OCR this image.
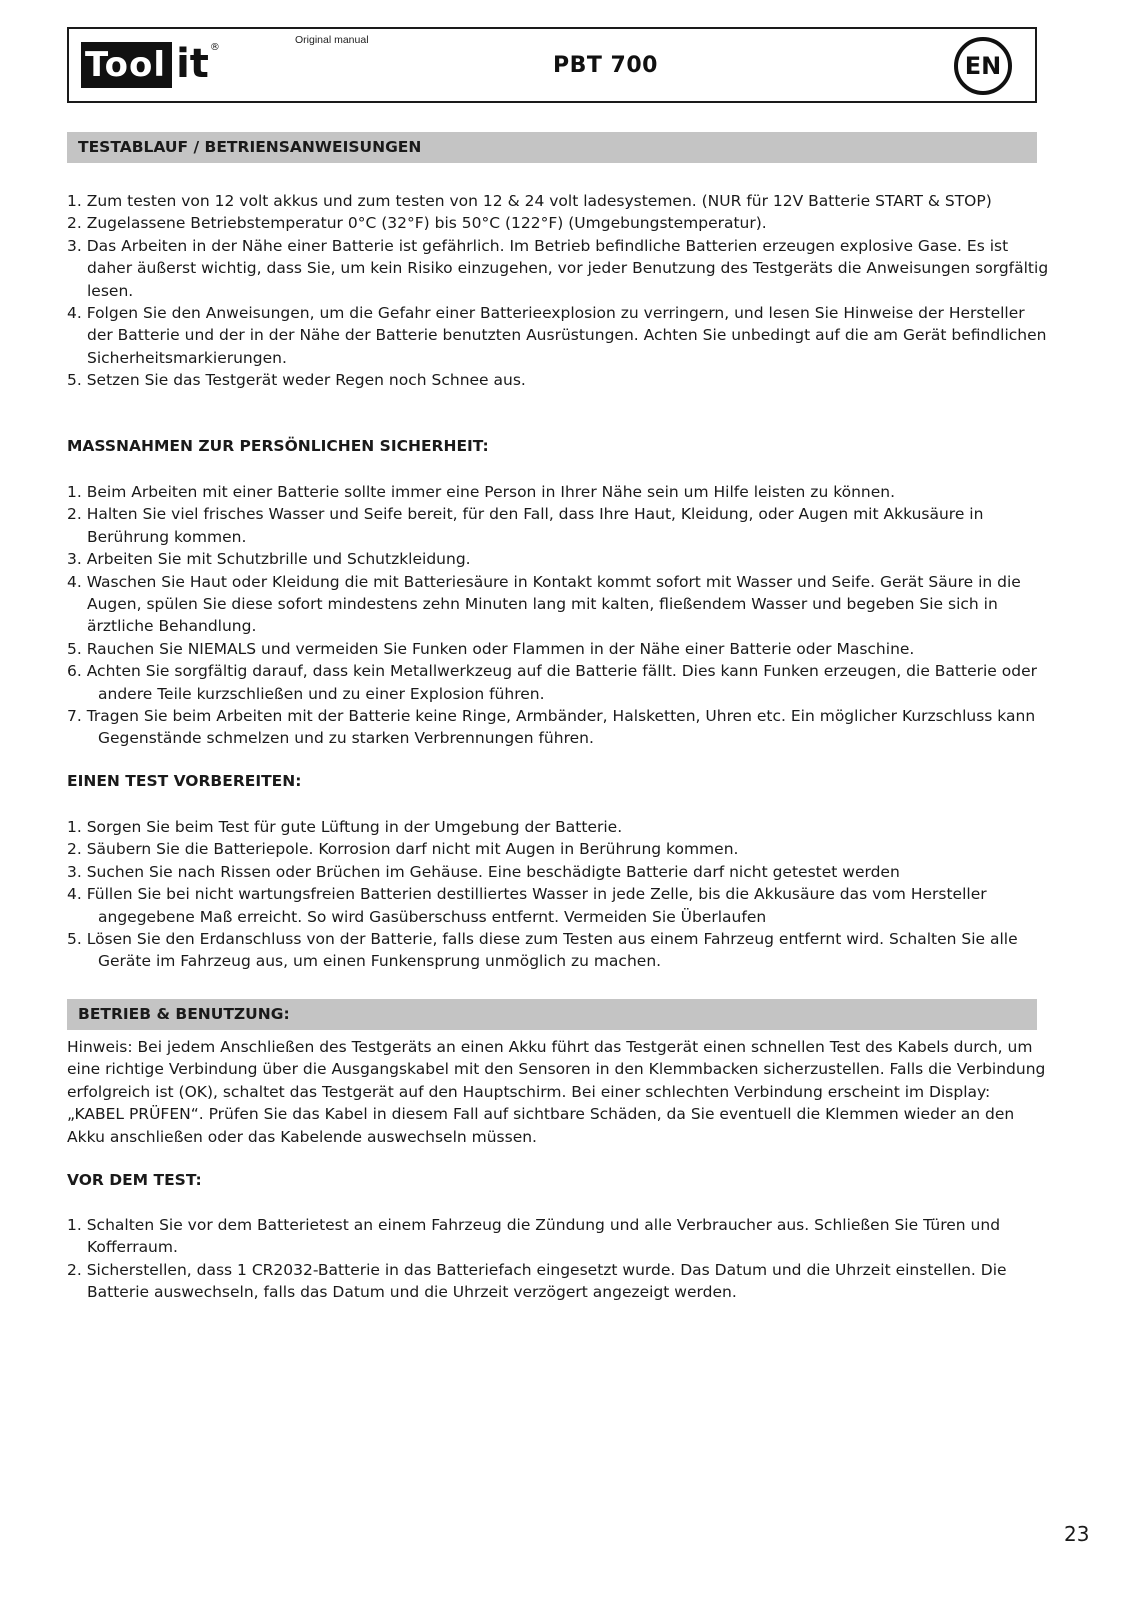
Tool it®
Original manual
PBT 700	EN
TESTABLAUF / BETRIENSANWEISUNGEN
1. Zum testen von 12 volt akkus und zum testen von 12 & 24 volt ladesystemen. (NUR für 12V Batterie START & STOP)
2. Zugelassene Betriebstemperatur 0°C (32°F) bis 50°C (122°F) (Umgebungstemperatur).
3. Das Arbeiten in der Nähe einer Batterie ist gefährlich. Im Betrieb befindliche Batterien erzeugen explosive Gase. Es ist daher äußerst wichtig, dass Sie, um kein Risiko einzugehen, vor jeder Benutzung des Testgeräts die Anweisungen sorgfältig lesen.
4. Folgen Sie den Anweisungen, um die Gefahr einer Batterieexplosion zu verringern, und lesen Sie Hinweise der Hersteller der Batterie und der in der Nähe der Batterie benutzten Ausrüstungen. Achten Sie unbedingt auf die am Gerät befindlichen Sicherheitsmarkierungen.
5. Setzen Sie das Testgerät weder Regen noch Schnee aus.
MASSNAHMEN ZUR PERSÖNLICHEN SICHERHEIT:
1. Beim Arbeiten mit einer Batterie sollte immer eine Person in Ihrer Nähe sein um Hilfe leisten zu können.
2. Halten Sie viel frisches Wasser und Seife bereit, für den Fall, dass Ihre Haut, Kleidung, oder Augen mit Akkusäure in Berührung kommen.
3. Arbeiten Sie mit Schutzbrille und Schutzkleidung.
4. Waschen Sie Haut oder Kleidung die mit Batteriesäure in Kontakt kommt sofort mit Wasser und Seife. Gerät Säure in die Augen, spülen Sie diese sofort mindestens zehn Minuten lang mit kalten, fließendem Wasser und begeben Sie sich in ärztliche Behandlung.
5. Rauchen Sie NIEMALS und vermeiden Sie Funken oder Flammen in der Nähe einer Batterie oder Maschine.
6. Achten Sie sorgfältig darauf, dass kein Metallwerkzeug auf die Batterie fällt. Dies kann Funken erzeugen, die Batterie oder andere Teile kurzschließen und zu einer Explosion führen.
7. Tragen Sie beim Arbeiten mit der Batterie keine Ringe, Armbänder, Halsketten, Uhren etc. Ein möglicher Kurzschluss kann Gegenstände schmelzen und zu starken Verbrennungen führen.
EINEN TEST VORBEREITEN:
1. Sorgen Sie beim Test für gute Lüftung in der Umgebung der Batterie.
2. Säubern Sie die Batteriepole. Korrosion darf nicht mit Augen in Berührung kommen.
3. Suchen Sie nach Rissen oder Brüchen im Gehäuse. Eine beschädigte Batterie darf nicht getestet werden
4. Füllen Sie bei nicht wartungsfreien Batterien destilliertes Wasser in jede Zelle, bis die Akkusäure das vom Hersteller angegebene Maß erreicht. So wird Gasüberschuss entfernt. Vermeiden Sie Überlaufen
5. Lösen Sie den Erdanschluss von der Batterie, falls diese zum Testen aus einem Fahrzeug entfernt wird. Schalten Sie alle Geräte im Fahrzeug aus, um einen Funkensprung unmöglich zu machen.
BETRIEB & BENUTZUNG:

Hinweis: Bei jedem Anschließen des Testgeräts an einen Akku führt das Testgerät einen schnellen Test des Kabels durch, um eine richtige Verbindung über die Ausgangskabel mit den Sensoren in den Klemmbacken sicherzustellen. Falls die Verbindung erfolgreich ist (OK), schaltet das Testgerät auf den Hauptschirm. Bei einer schlechten Verbindung erscheint im Display: „KABEL PRÜFEN“. Prüfen Sie das Kabel in diesem Fall auf sichtbare Schäden, da Sie eventuell die Klemmen wieder an den Akku anschließen oder das Kabelende auswechseln müssen.

VOR DEM TEST:
1. Schalten Sie vor dem Batterietest an einem Fahrzeug die Zündung und alle Verbraucher aus. Schließen Sie Türen und Kofferraum.
2. Sicherstellen, dass 1 CR2032-Batterie in das Batteriefach eingesetzt wurde. Das Datum und die Uhrzeit einstellen. Die Batterie auswechseln, falls das Datum und die Uhrzeit verzögert angezeigt werden.
23
